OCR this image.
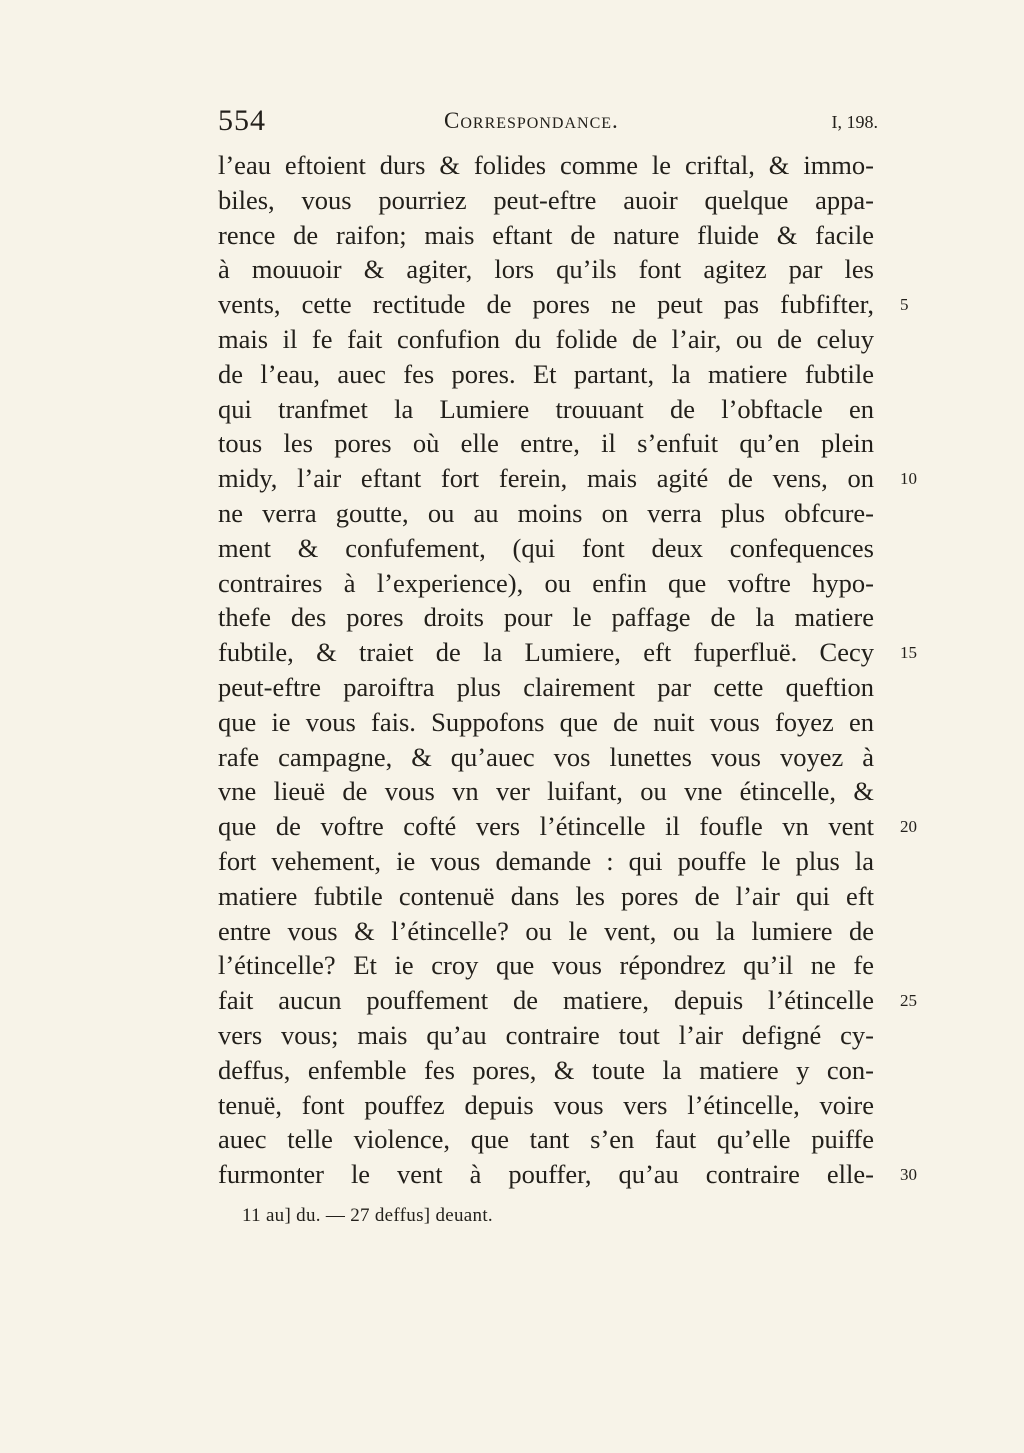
554	Correspondance.	I, 198.
l’eau eftoient durs & folides comme le criftal, & immo-
biles, vous pourriez peut-eftre auoir quelque appa-
rence de raifon; mais eftant de nature fluide & facile
à mouuoir & agiter, lors qu’ils font agitez par les
vents, cette rectitude de pores ne peut pas fubfifter,
mais il fe fait confufion du folide de l’air, ou de celuy
de l’eau, auec fes pores. Et partant, la matiere fubtile
qui tranfmet la Lumiere trouuant de l’obftacle en
tous les pores où elle entre, il s’enfuit qu’en plein
midy, l’air eftant fort ferein, mais agité de vens, on
ne verra goutte, ou au moins on verra plus obfcure-
ment & confufement, (qui font deux confequences
contraires à l’experience), ou enfin que voftre hypo-
thefe des pores droits pour le paffage de la matiere
fubtile, & traiet de la Lumiere, eft fuperfluë. Cecy
peut-eftre paroiftra plus clairement par cette queftion
que ie vous fais. Suppofons que de nuit vous foyez en
rafe campagne, & qu’auec vos lunettes vous voyez à
vne lieuë de vous vn ver luifant, ou vne étincelle, &
que de voftre cofté vers l’étincelle il foufle vn vent
fort vehement, ie vous demande : qui pouffe le plus la
matiere fubtile contenuë dans les pores de l’air qui eft
entre vous & l’étincelle? ou le vent, ou la lumiere de
l’étincelle? Et ie croy que vous répondrez qu’il ne fe
fait aucun pouffement de matiere, depuis l’étincelle
vers vous; mais qu’au contraire tout l’air defigné cy-
deffus, enfemble fes pores, & toute la matiere y con-
tenuë, font pouffez depuis vous vers l’étincelle, voire
auec telle violence, que tant s’en faut qu’elle puiffe
furmonter le vent à pouffer, qu’au contraire elle-
5
10
15
20
25
30
11 au] du. — 27 deffus] deuant.
